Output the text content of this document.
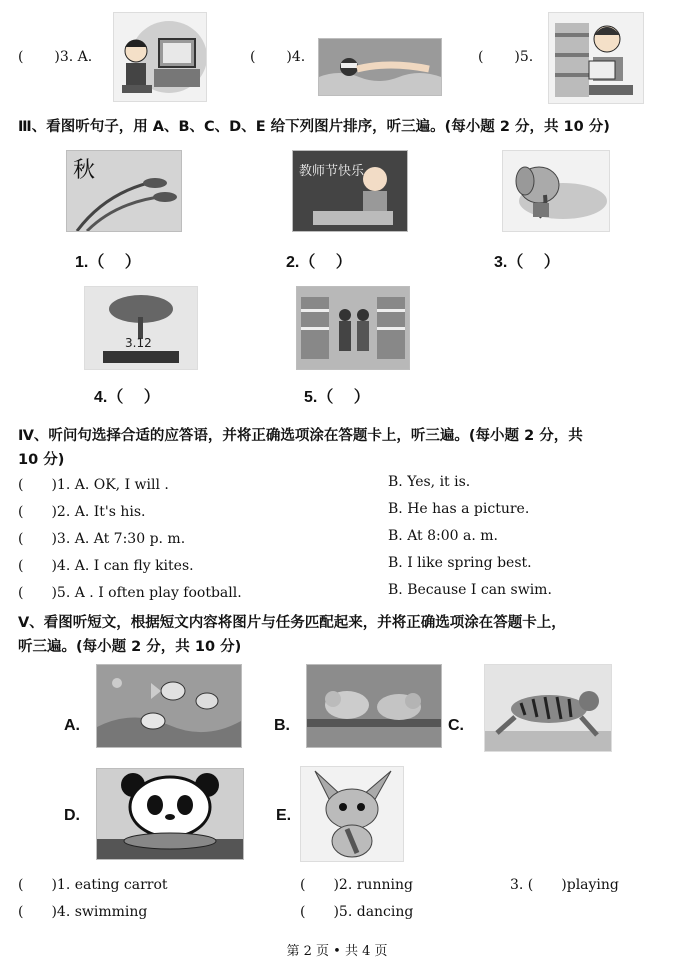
( )3. A.	( )4.	( )5.
Ⅲ、看图听句子，用 A、B、C、D、E 给下列图片排序，听三遍。(每小题 2 分，共 10 分)
秋	教师节快乐
1.（　 ）	2.（　 ）	3.（　 ）
3.12
4.（　 ）	5.（　 ）
Ⅳ、听问句选择合适的应答语，并将正确选项涂在答题卡上，听三遍。(每小题 2 分，共
10 分)
(　　)1. A. OK, I will .	B. Yes, it is.
(　　)2. A. It's his.	B. He has a picture.
(　　)3. A. At 7:30 p. m.	B. At 8:00 a. m.
(　　)4. A. I can fly kites.	B. I like spring best.
(　　)5. A . I often play football.	B. Because I can swim.
Ⅴ、看图听短文，根据短文内容将图片与任务匹配起来，并将正确选项涂在答题卡上，
听三遍。(每小题 2 分，共 10 分)
A.	B.	C.
D.	E.
(　　)1. eating carrot	(　　)2. running	3. (　　)playing
(　　)4. swimming	(　　)5. dancing
第 2 页 • 共 4 页
